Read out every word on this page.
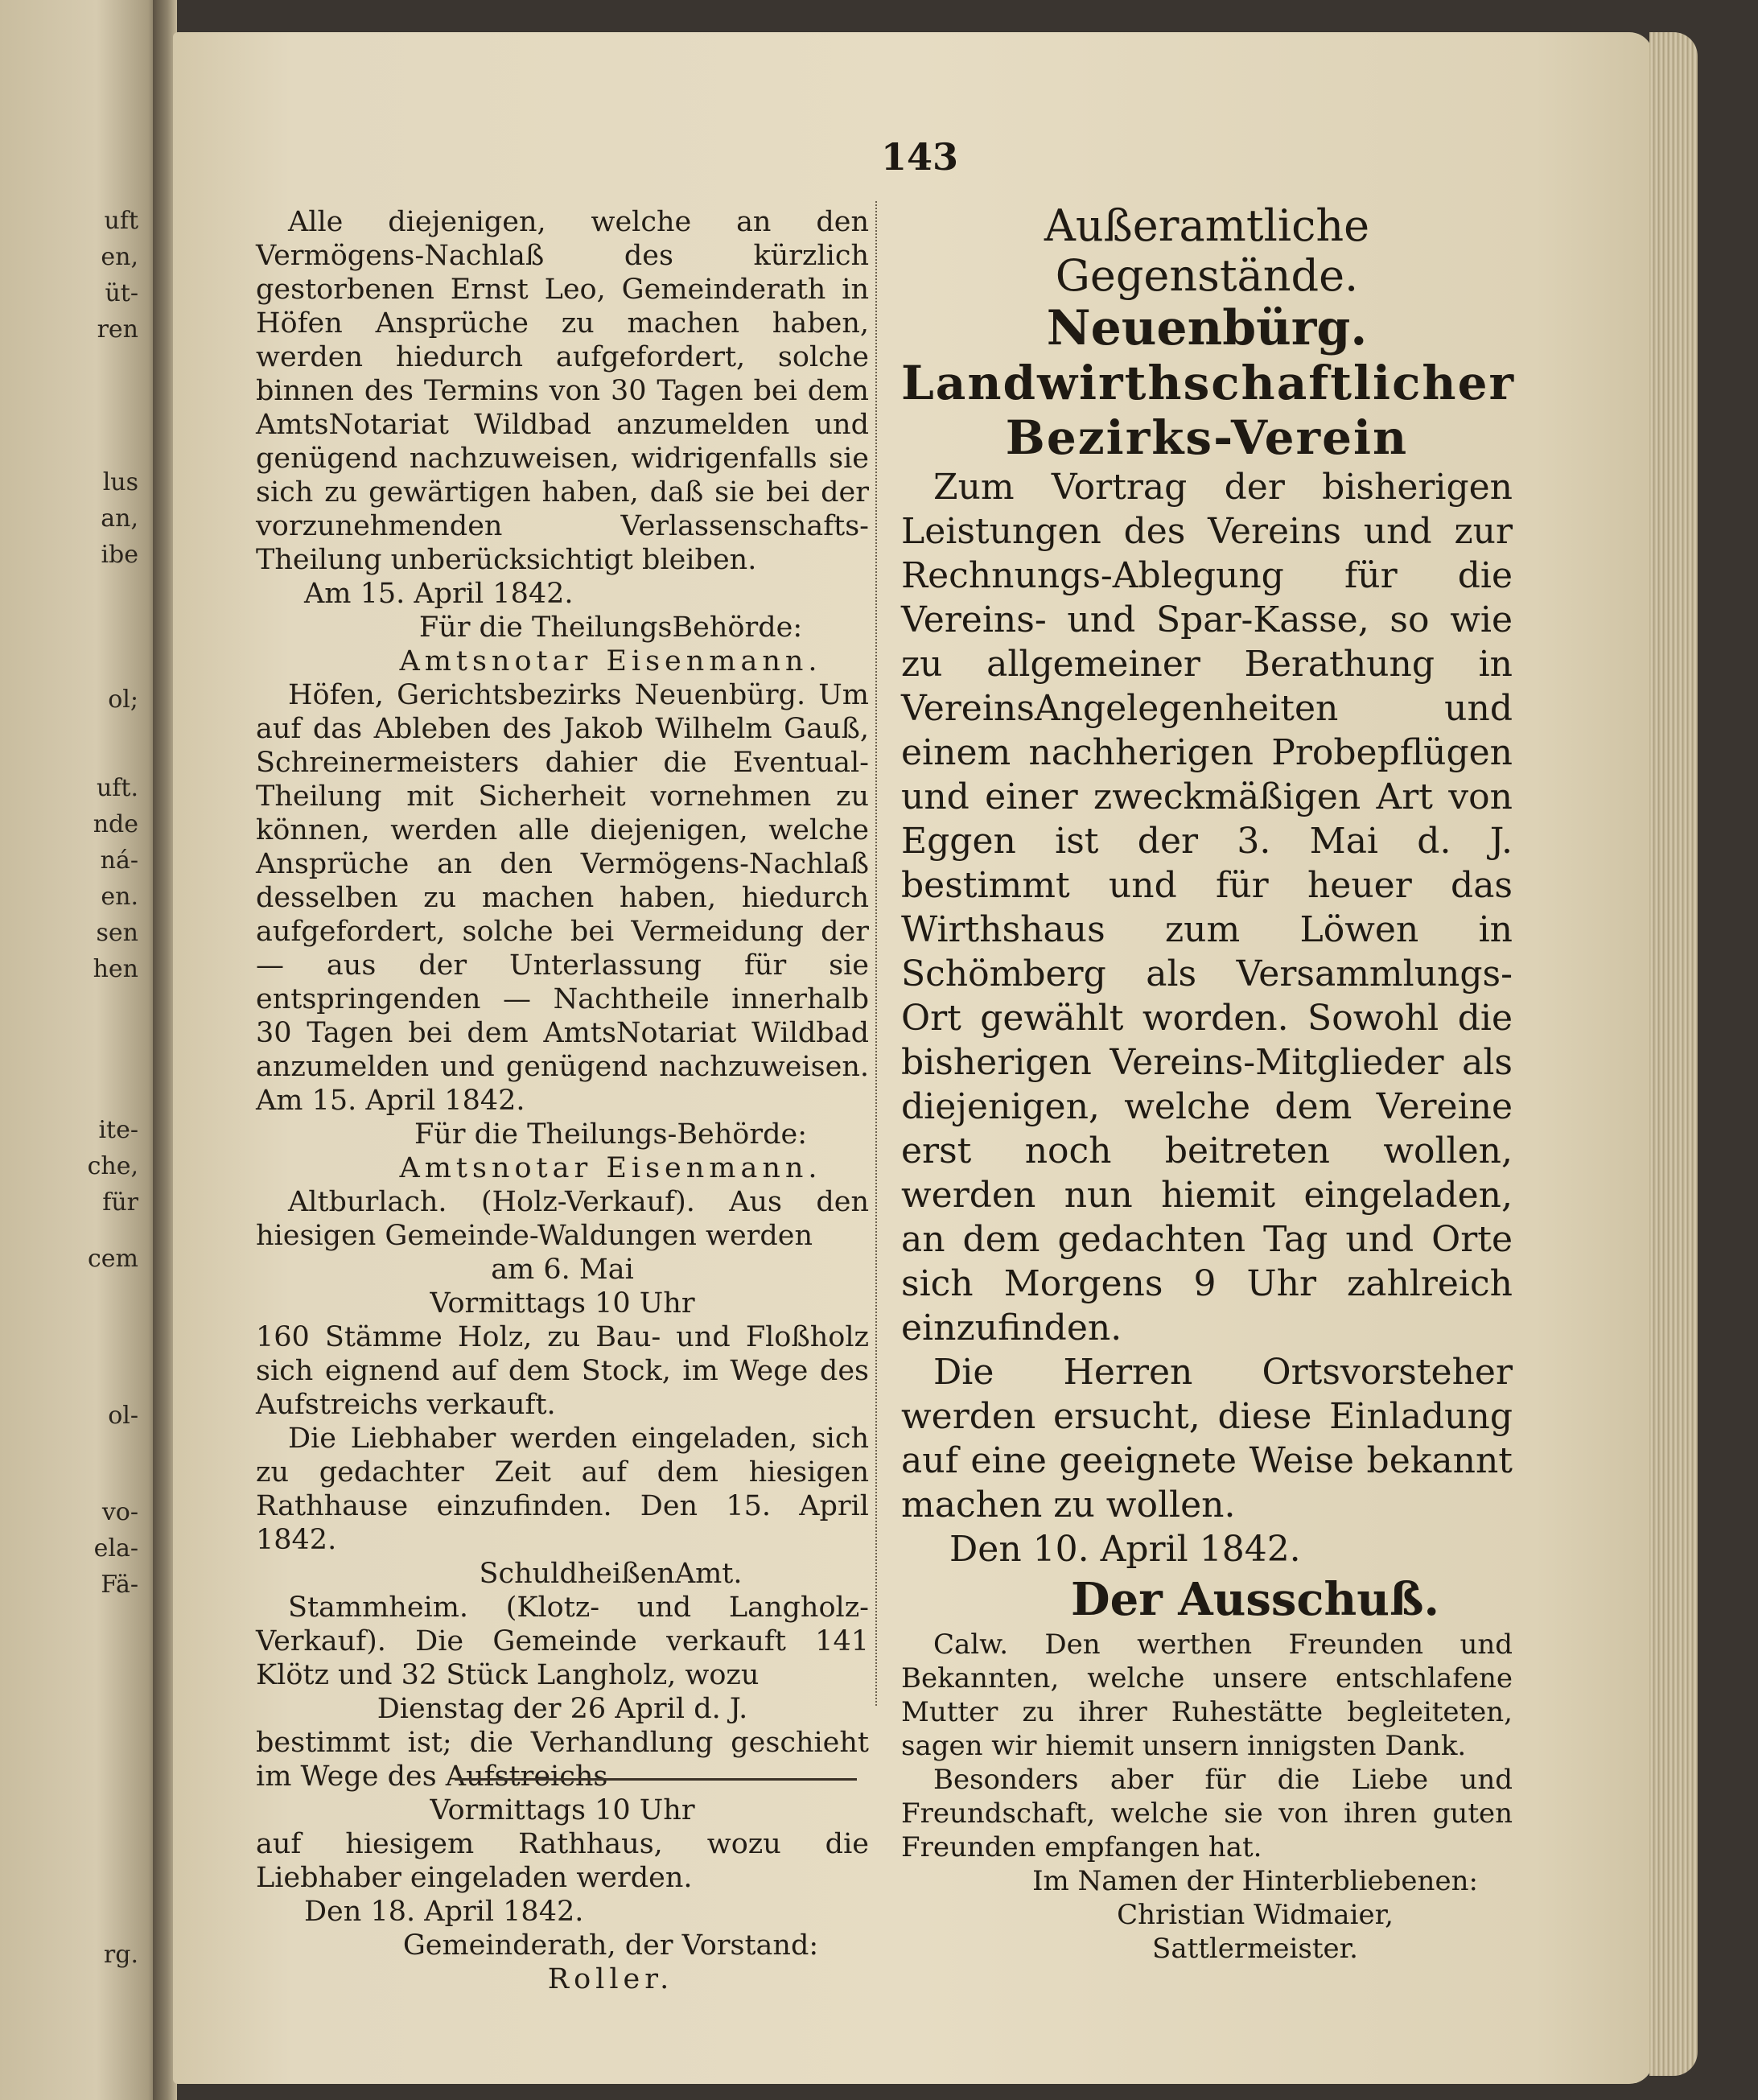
uft
en,
üt-
ren
lus
an,
ibe
ol;
uft.
nde
ná-
en.
sen
hen
ite-
che,
für
cem
ol-
vo-
ela-
Fä-
rg.
143

Alle diejenigen, welche an den Vermögens-Nachlaß des kürzlich gestorbenen Ernst Leo, Gemeinderath in Höfen Ansprüche zu machen haben, werden hiedurch aufgefordert, solche binnen des Termins von 30 Tagen bei dem AmtsNotariat Wildbad anzumelden und genügend nachzuweisen, widrigenfalls sie sich zu gewärtigen haben, daß sie bei der vorzunehmenden Verlassenschafts-Theilung unberücksichtigt bleiben.

Am 15. April 1842.

Für die TheilungsBehörde:

Amtsnotar Eisenmann.

Höfen, Gerichtsbezirks Neuenbürg. Um auf das Ableben des Jakob Wilhelm Gauß, Schreinermeisters dahier die Eventual-Theilung mit Sicherheit vornehmen zu können, werden alle diejenigen, welche Ansprüche an den Vermögens-Nachlaß desselben zu machen haben, hiedurch aufgefordert, solche bei Vermeidung der — aus der Unterlassung für sie entspringenden — Nachtheile innerhalb 30 Tagen bei dem AmtsNotariat Wildbad anzumelden und genügend nachzuweisen. Am 15. April 1842.

Für die Theilungs-Behörde:

Amtsnotar Eisenmann.

Altburlach. (Holz-Verkauf). Aus den hiesigen Gemeinde-Waldungen werden

am 6. Mai

Vormittags 10 Uhr

160 Stämme Holz, zu Bau- und Floßholz sich eignend auf dem Stock, im Wege des Aufstreichs verkauft.

Die Liebhaber werden eingeladen, sich zu gedachter Zeit auf dem hiesigen Rathhause einzufinden. Den 15. April 1842.

SchuldheißenAmt.

Stammheim. (Klotz- und Langholz-Verkauf). Die Gemeinde verkauft 141 Klötz und 32 Stück Langholz, wozu

Dienstag der 26 April d. J.

bestimmt ist; die Verhandlung geschieht im Wege des Aufstreichs

Vormittags 10 Uhr

auf hiesigem Rathhaus, wozu die Liebhaber eingeladen werden.

Den 18. April 1842.

Gemeinderath, der Vorstand:

Roller.

Außeramtliche Gegenstände.

Neuenbürg.

Landwirthschaftlicher Bezirks-Verein

Zum Vortrag der bisherigen Leistungen des Vereins und zur Rechnungs-Ablegung für die Vereins- und Spar-Kasse, so wie zu allgemeiner Berathung in VereinsAngelegenheiten und einem nachherigen Probepflügen und einer zweckmäßigen Art von Eggen ist der 3. Mai d. J. bestimmt und für heuer das Wirthshaus zum Löwen in Schömberg als Versammlungs-Ort gewählt worden. Sowohl die bisherigen Vereins-Mitglieder als diejenigen, welche dem Vereine erst noch beitreten wollen, werden nun hiemit eingeladen, an dem gedachten Tag und Orte sich Morgens 9 Uhr zahlreich einzufinden.

Die Herren Ortsvorsteher werden ersucht, diese Einladung auf eine geeignete Weise bekannt machen zu wollen.

Den 10. April 1842.

Der Ausschuß.

Calw. Den werthen Freunden und Bekannten, welche unsere entschlafene Mutter zu ihrer Ruhestätte begleiteten, sagen wir hiemit unsern innigsten Dank.

Besonders aber für die Liebe und Freundschaft, welche sie von ihren guten Freunden empfangen hat.

Im Namen der Hinterbliebenen:

Christian Widmaier,

Sattlermeister.
